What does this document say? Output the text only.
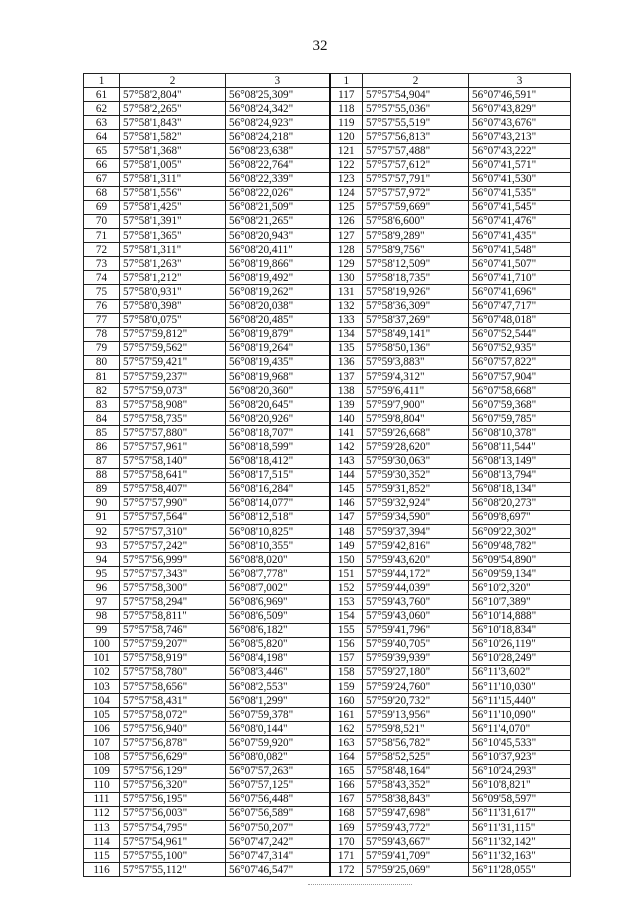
32
1	2	3	1	2	3
61	57°58'2,804"	56°08'25,309"	117	57°57'54,904"	56°07'46,591"
62	57°58'2,265"	56°08'24,342"	118	57°57'55,036"	56°07'43,829"
63	57°58'1,843"	56°08'24,923"	119	57°57'55,519"	56°07'43,676"
64	57°58'1,582"	56°08'24,218"	120	57°57'56,813"	56°07'43,213"
65	57°58'1,368"	56°08'23,638"	121	57°57'57,488"	56°07'43,222"
66	57°58'1,005"	56°08'22,764"	122	57°57'57,612"	56°07'41,571"
67	57°58'1,311"	56°08'22,339"	123	57°57'57,791"	56°07'41,530"
68	57°58'1,556"	56°08'22,026"	124	57°57'57,972"	56°07'41,535"
69	57°58'1,425"	56°08'21,509"	125	57°57'59,669"	56°07'41,545"
70	57°58'1,391"	56°08'21,265"	126	57°58'6,600"	56°07'41,476"
71	57°58'1,365"	56°08'20,943"	127	57°58'9,289"	56°07'41,435"
72	57°58'1,311"	56°08'20,411"	128	57°58'9,756"	56°07'41,548"
73	57°58'1,263"	56°08'19,866"	129	57°58'12,509"	56°07'41,507"
74	57°58'1,212"	56°08'19,492"	130	57°58'18,735"	56°07'41,710"
75	57°58'0,931"	56°08'19,262"	131	57°58'19,926"	56°07'41,696"
76	57°58'0,398"	56°08'20,038"	132	57°58'36,309"	56°07'47,717"
77	57°58'0,075"	56°08'20,485"	133	57°58'37,269"	56°07'48,018"
78	57°57'59,812"	56°08'19,879"	134	57°58'49,141"	56°07'52,544"
79	57°57'59,562"	56°08'19,264"	135	57°58'50,136"	56°07'52,935"
80	57°57'59,421"	56°08'19,435"	136	57°59'3,883"	56°07'57,822"
81	57°57'59,237"	56°08'19,968"	137	57°59'4,312"	56°07'57,904"
82	57°57'59,073"	56°08'20,360"	138	57°59'6,411"	56°07'58,668"
83	57°57'58,908"	56°08'20,645"	139	57°59'7,900"	56°07'59,368"
84	57°57'58,735"	56°08'20,926"	140	57°59'8,804"	56°07'59,785"
85	57°57'57,880"	56°08'18,707"	141	57°59'26,668"	56°08'10,378"
86	57°57'57,961"	56°08'18,599"	142	57°59'28,620"	56°08'11,544"
87	57°57'58,140"	56°08'18,412"	143	57°59'30,063"	56°08'13,149"
88	57°57'58,641"	56°08'17,515"	144	57°59'30,352"	56°08'13,794"
89	57°57'58,407"	56°08'16,284"	145	57°59'31,852"	56°08'18,134"
90	57°57'57,990"	56°08'14,077"	146	57°59'32,924"	56°08'20,273"
91	57°57'57,564"	56°08'12,518"	147	57°59'34,590"	56°09'8,697"
92	57°57'57,310"	56°08'10,825"	148	57°59'37,394"	56°09'22,302"
93	57°57'57,242"	56°08'10,355"	149	57°59'42,816"	56°09'48,782"
94	57°57'56,999"	56°08'8,020"	150	57°59'43,620"	56°09'54,890"
95	57°57'57,343"	56°08'7,778"	151	57°59'44,172"	56°09'59,134"
96	57°57'58,300"	56°08'7,002"	152	57°59'44,039"	56°10'2,320"
97	57°57'58,294"	56°08'6,969"	153	57°59'43,760"	56°10'7,389"
98	57°57'58,811"	56°08'6,509"	154	57°59'43,060"	56°10'14,888"
99	57°57'58,746"	56°08'6,182"	155	57°59'41,796"	56°10'18,834"
100	57°57'59,207"	56°08'5,820"	156	57°59'40,705"	56°10'26,119"
101	57°57'58,919"	56°08'4,198"	157	57°59'39,939"	56°10'28,249"
102	57°57'58,780"	56°08'3,446"	158	57°59'27,180"	56°11'3,602"
103	57°57'58,656"	56°08'2,553"	159	57°59'24,760"	56°11'10,030"
104	57°57'58,431"	56°08'1,299"	160	57°59'20,732"	56°11'15,440"
105	57°57'58,072"	56°07'59,378"	161	57°59'13,956"	56°11'10,090"
106	57°57'56,940"	56°08'0,144"	162	57°59'8,521"	56°11'4,070"
107	57°57'56,878"	56°07'59,920"	163	57°58'56,782"	56°10'45,533"
108	57°57'56,629"	56°08'0,082"	164	57°58'52,525"	56°10'37,923"
109	57°57'56,129"	56°07'57,263"	165	57°58'48,164"	56°10'24,293"
110	57°57'56,320"	56°07'57,125"	166	57°58'43,352"	56°10'8,821"
111	57°57'56,195"	56°07'56,448"	167	57°58'38,843"	56°09'58,597"
112	57°57'56,003"	56°07'56,589"	168	57°59'47,698"	56°11'31,617"
113	57°57'54,795"	56°07'50,207"	169	57°59'43,772"	56°11'31,115"
114	57°57'54,961"	56°07'47,242"	170	57°59'43,667"	56°11'32,142"
115	57°57'55,100"	56°07'47,314"	171	57°59'41,709"	56°11'32,163"
116	57°57'55,112"	56°07'46,547"	172	57°59'25,069"	56°11'28,055"
